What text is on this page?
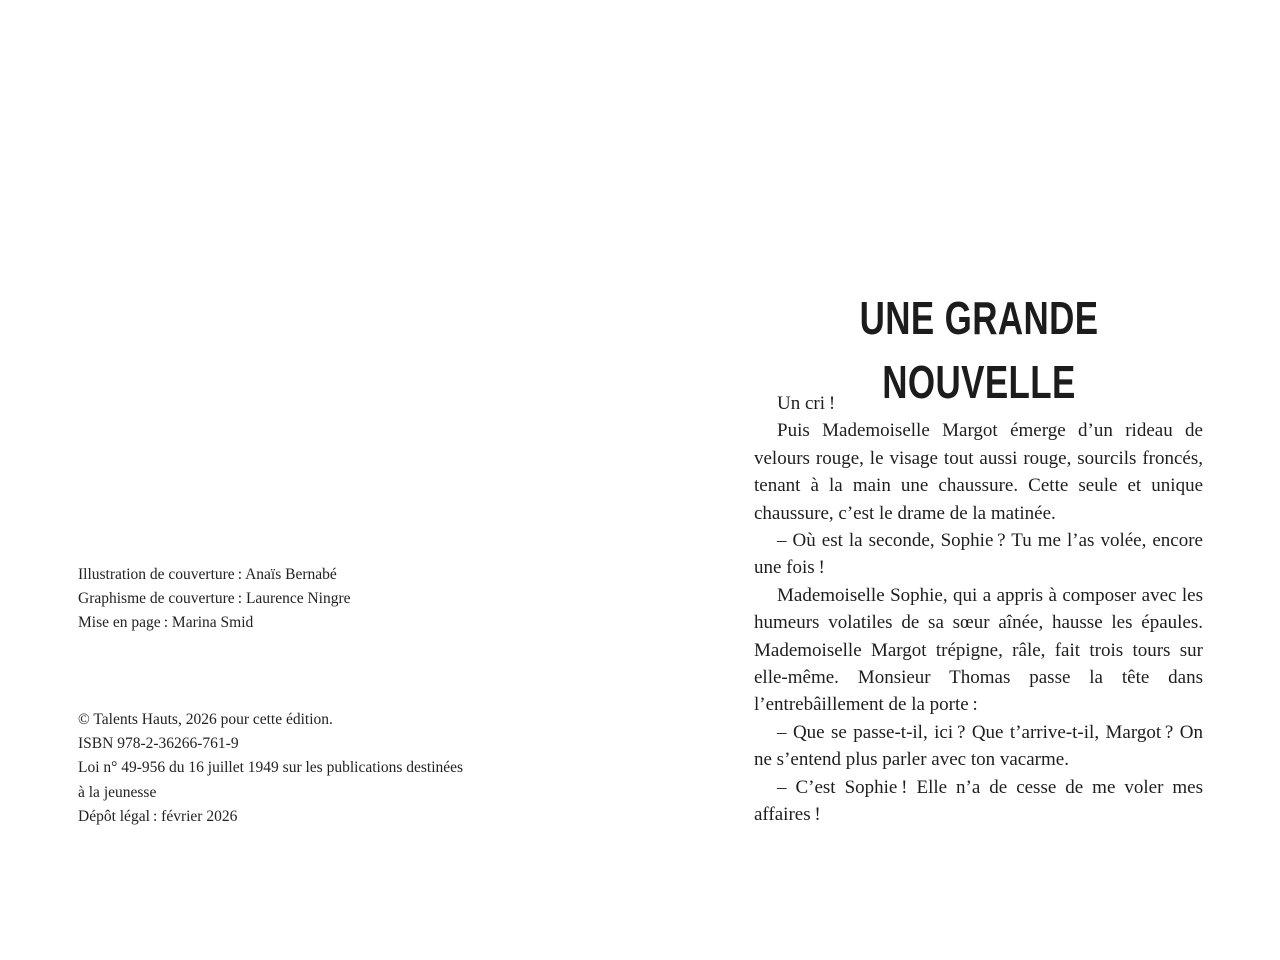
Illustration de couverture : Anaïs Bernabé
Graphisme de couverture : Laurence Ningre
Mise en page : Marina Smid
© Talents Hauts, 2026 pour cette édition.
ISBN 978-2-36266-761-9
Loi n° 49-956 du 16 juillet 1949 sur les publications destinées
à la jeunesse
Dépôt légal : février 2026
UNE GRANDE NOUVELLE

Un cri !

Puis Mademoiselle Margot émerge d’un rideau de velours rouge, le visage tout aussi rouge, sourcils froncés, tenant à la main une chaussure. Cette seule et unique chaussure, c’est le drame de la matinée.

– Où est la seconde, Sophie ? Tu me l’as volée, encore une fois !

Mademoiselle Sophie, qui a appris à composer avec les humeurs volatiles de sa sœur aînée, hausse les épaules. Mademoiselle Margot trépigne, râle, fait trois tours sur elle-même. Monsieur Thomas passe la tête dans l’entrebâillement de la porte :

– Que se passe-t-il, ici ? Que t’arrive-t-il, Margot ? On ne s’entend plus parler avec ton vacarme.

– C’est Sophie ! Elle n’a de cesse de me voler mes affaires !
